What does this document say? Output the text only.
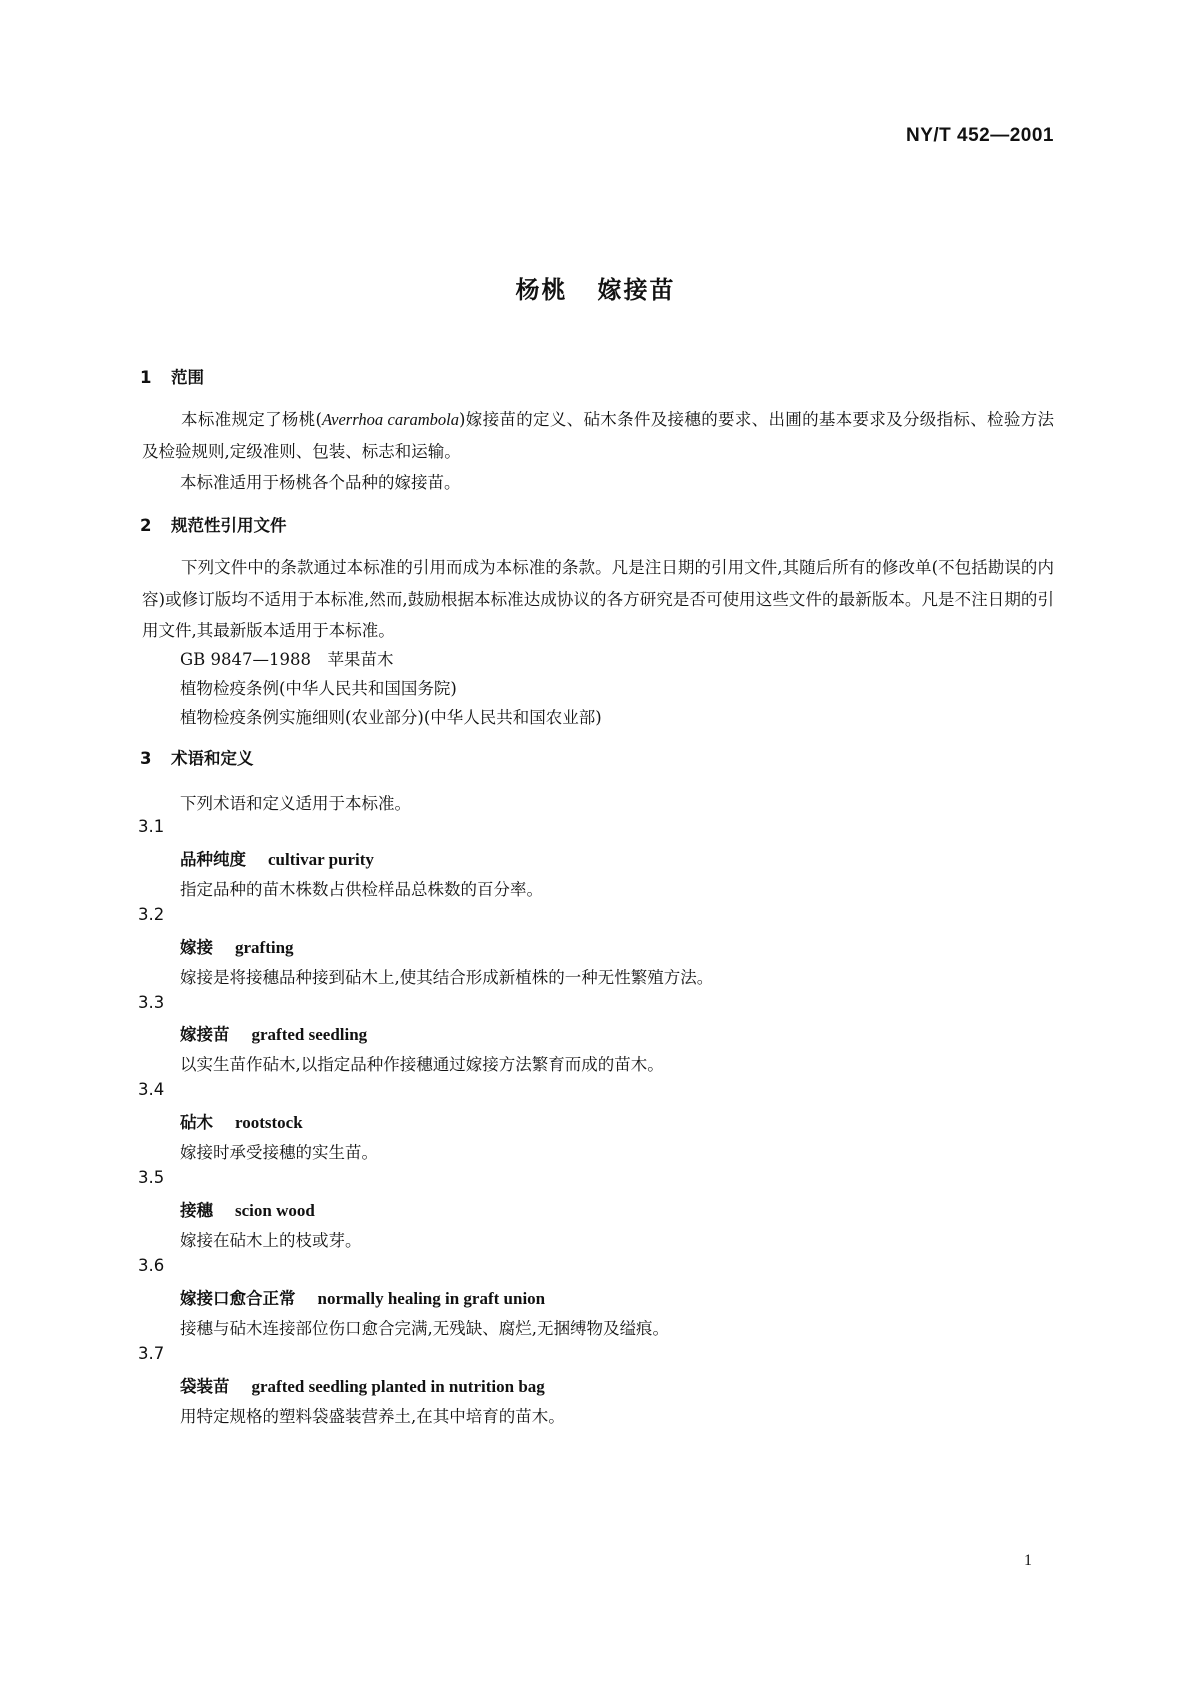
NY/T 452—2001
杨桃 嫁接苗
1 范围

本标准规定了杨桃(Averrhoa carambola)嫁接苗的定义、砧木条件及接穗的要求、出圃的基本要求及分级指标、检验方法及检验规则,定级准则、包装、标志和运输。

本标准适用于杨桃各个品种的嫁接苗。
2 规范性引用文件

下列文件中的条款通过本标准的引用而成为本标准的条款。凡是注日期的引用文件,其随后所有的修改单(不包括勘误的内容)或修订版均不适用于本标准,然而,鼓励根据本标准达成协议的各方研究是否可使用这些文件的最新版本。凡是不注日期的引用文件,其最新版本适用于本标准。

GB 9847—1988　苹果苗木
植物检疫条例(中华人民共和国国务院)
植物检疫条例实施细则(农业部分)(中华人民共和国农业部)
3 术语和定义
下列术语和定义适用于本标准。
3.1
品种纯度 cultivar purity
指定品种的苗木株数占供检样品总株数的百分率。
3.2
嫁接 grafting
嫁接是将接穗品种接到砧木上,使其结合形成新植株的一种无性繁殖方法。
3.3
嫁接苗 grafted seedling
以实生苗作砧木,以指定品种作接穗通过嫁接方法繁育而成的苗木。
3.4
砧木 rootstock
嫁接时承受接穗的实生苗。
3.5
接穗 scion wood
嫁接在砧木上的枝或芽。
3.6
嫁接口愈合正常 normally healing in graft union
接穗与砧木连接部位伤口愈合完满,无残缺、腐烂,无捆缚物及缢痕。
3.7
袋装苗 grafted seedling planted in nutrition bag
用特定规格的塑料袋盛装营养土,在其中培育的苗木。
1
